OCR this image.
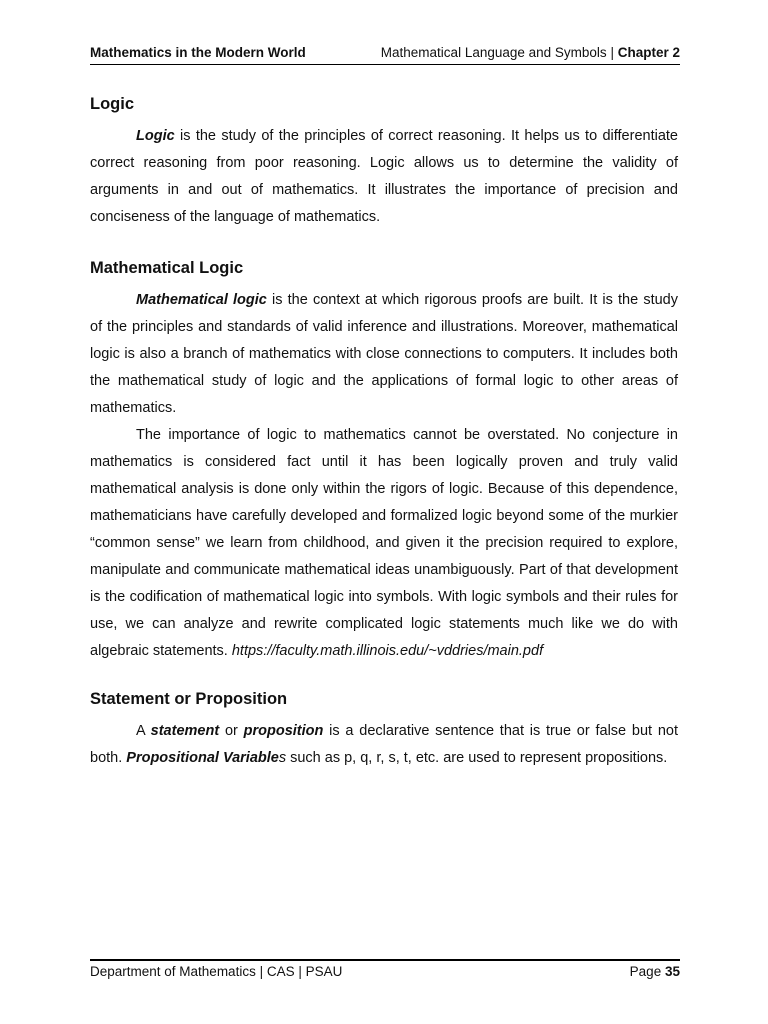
Mathematics in the Modern World	Mathematical Language and Symbols | Chapter 2
Logic

Logic is the study of the principles of correct reasoning. It helps us to differentiate correct reasoning from poor reasoning. Logic allows us to determine the validity of arguments in and out of mathematics. It illustrates the importance of precision and conciseness of the language of mathematics.

Mathematical Logic

Mathematical logic is the context at which rigorous proofs are built. It is the study of the principles and standards of valid inference and illustrations. Moreover, mathematical logic is also a branch of mathematics with close connections to computers. It includes both the mathematical study of logic and the applications of formal logic to other areas of mathematics.

The importance of logic to mathematics cannot be overstated. No conjecture in mathematics is considered fact until it has been logically proven and truly valid mathematical analysis is done only within the rigors of logic. Because of this dependence, mathematicians have carefully developed and formalized logic beyond some of the murkier “common sense” we learn from childhood, and given it the precision required to explore, manipulate and communicate mathematical ideas unambiguously. Part of that development is the codification of mathematical logic into symbols. With logic symbols and their rules for use, we can analyze and rewrite complicated logic statements much like we do with algebraic statements. https://faculty.math.illinois.edu/~vddries/main.pdf

Statement or Proposition

A statement or proposition is a declarative sentence that is true or false but not both. Propositional Variables such as p, q, r, s, t, etc. are used to represent propositions.

Department of Mathematics | CAS | PSAU	Page 35
